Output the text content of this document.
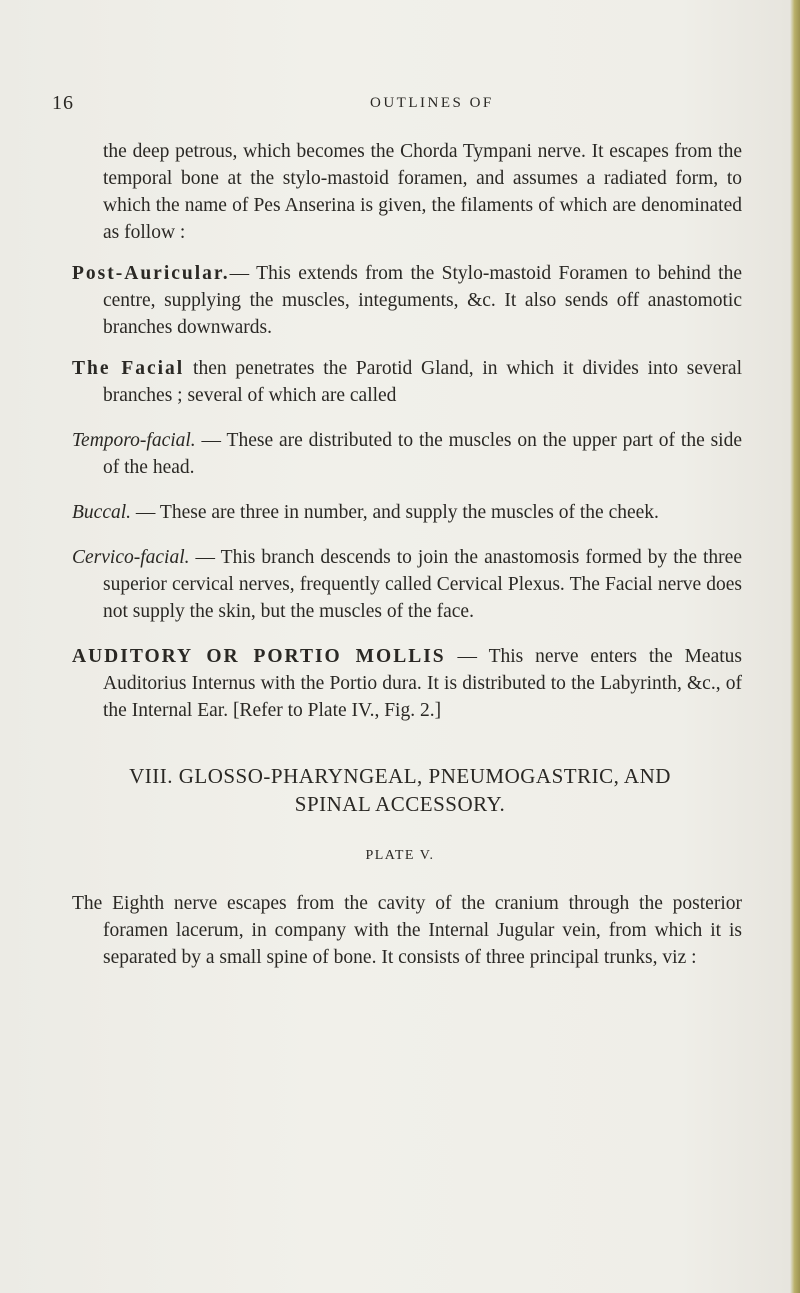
16	OUTLINES OF

the deep petrous, which becomes the Chorda Tympani nerve. It escapes from the temporal bone at the stylo-mastoid foramen, and assumes a radiated form, to which the name of Pes Anserina is given, the filaments of which are denominated as follow :

Post-Auricular.— This extends from the Stylo-mastoid Foramen to behind the centre, supplying the muscles, integuments, &c. It also sends off anastomotic branches downwards.

The Facial then penetrates the Parotid Gland, in which it divides into several branches ; several of which are called

Temporo-facial. — These are distributed to the muscles on the upper part of the side of the head.

Buccal. — These are three in number, and supply the muscles of the cheek.

Cervico-facial. — This branch descends to join the anastomosis formed by the three superior cervical nerves, frequently called Cervical Plexus. The Facial nerve does not supply the skin, but the muscles of the face.

AUDITORY OR PORTIO MOLLIS — This nerve enters the Meatus Auditorius Internus with the Portio dura. It is distributed to the Labyrinth, &c., of the Internal Ear. [Refer to Plate IV., Fig. 2.]

VIII. GLOSSO-PHARYNGEAL, PNEUMOGASTRIC, AND
SPINAL ACCESSORY.

PLATE V.

The Eighth nerve escapes from the cavity of the cranium through the posterior foramen lacerum, in company with the Internal Jugular vein, from which it is separated by a small spine of bone. It consists of three principal trunks, viz :
